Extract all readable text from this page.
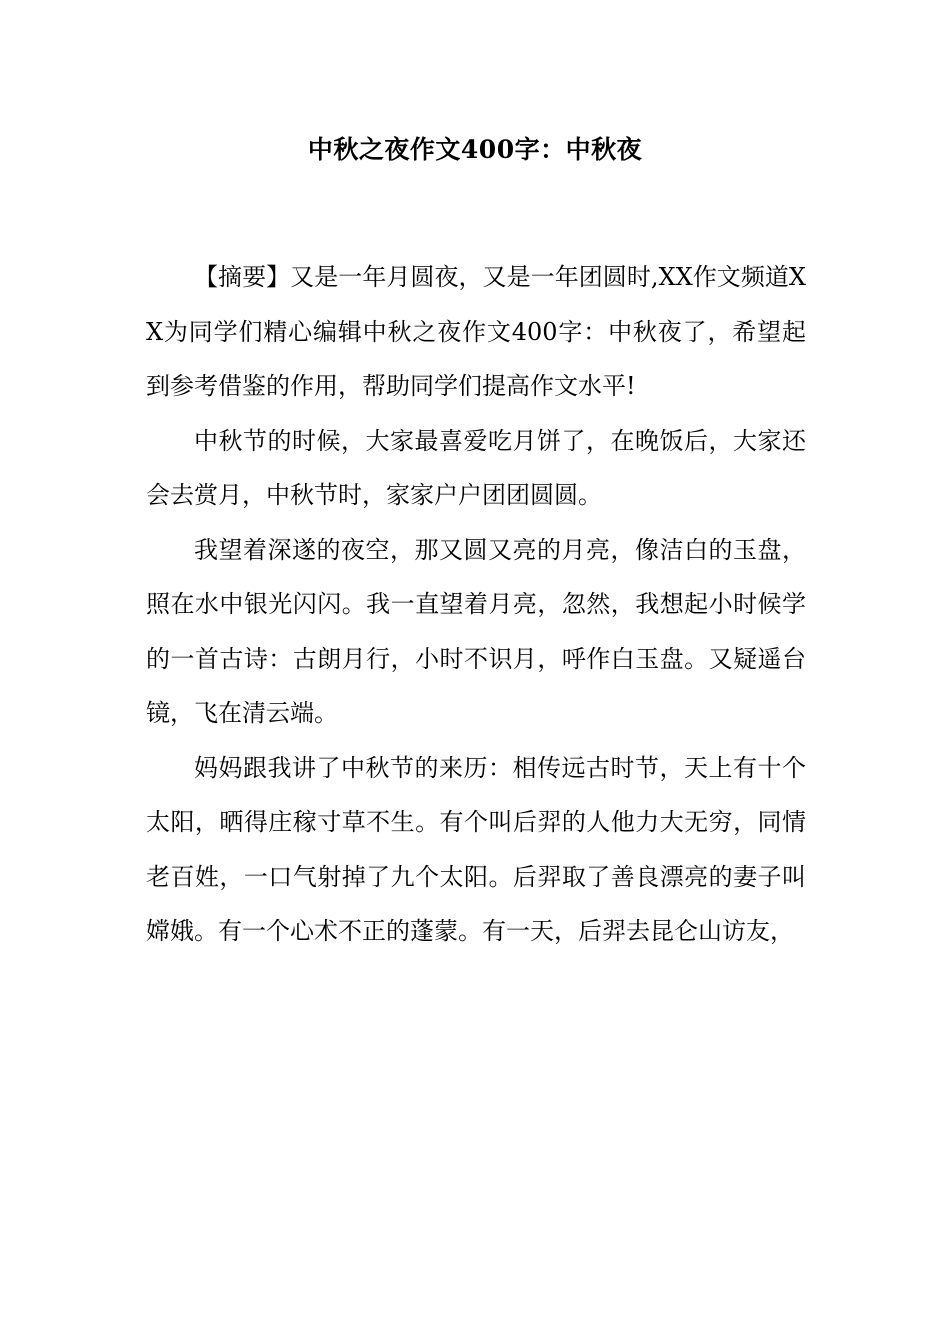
中秋之夜作文400字：中秋夜

【摘要】又是一年月圆夜，又是一年团圆时,XX作文频道XX为同学们精心编辑中秋之夜作文400字：中秋夜了，希望起到参考借鉴的作用，帮助同学们提高作文水平!

中秋节的时候，大家最喜爱吃月饼了，在晚饭后，大家还会去赏月，中秋节时，家家户户团团圆圆。

我望着深遂的夜空，那又圆又亮的月亮，像洁白的玉盘，照在水中银光闪闪。我一直望着月亮，忽然，我想起小时候学的一首古诗：古朗月行，小时不识月，呼作白玉盘。又疑遥台镜，飞在清云端。

妈妈跟我讲了中秋节的来历：相传远古时节，天上有十个太阳，晒得庄稼寸草不生。有个叫后羿的人他力大无穷，同情老百姓，一口气射掉了九个太阳。后羿取了善良漂亮的妻子叫嫦娥。有一个心术不正的蓬蒙。有一天，后羿去昆仑山访友，
